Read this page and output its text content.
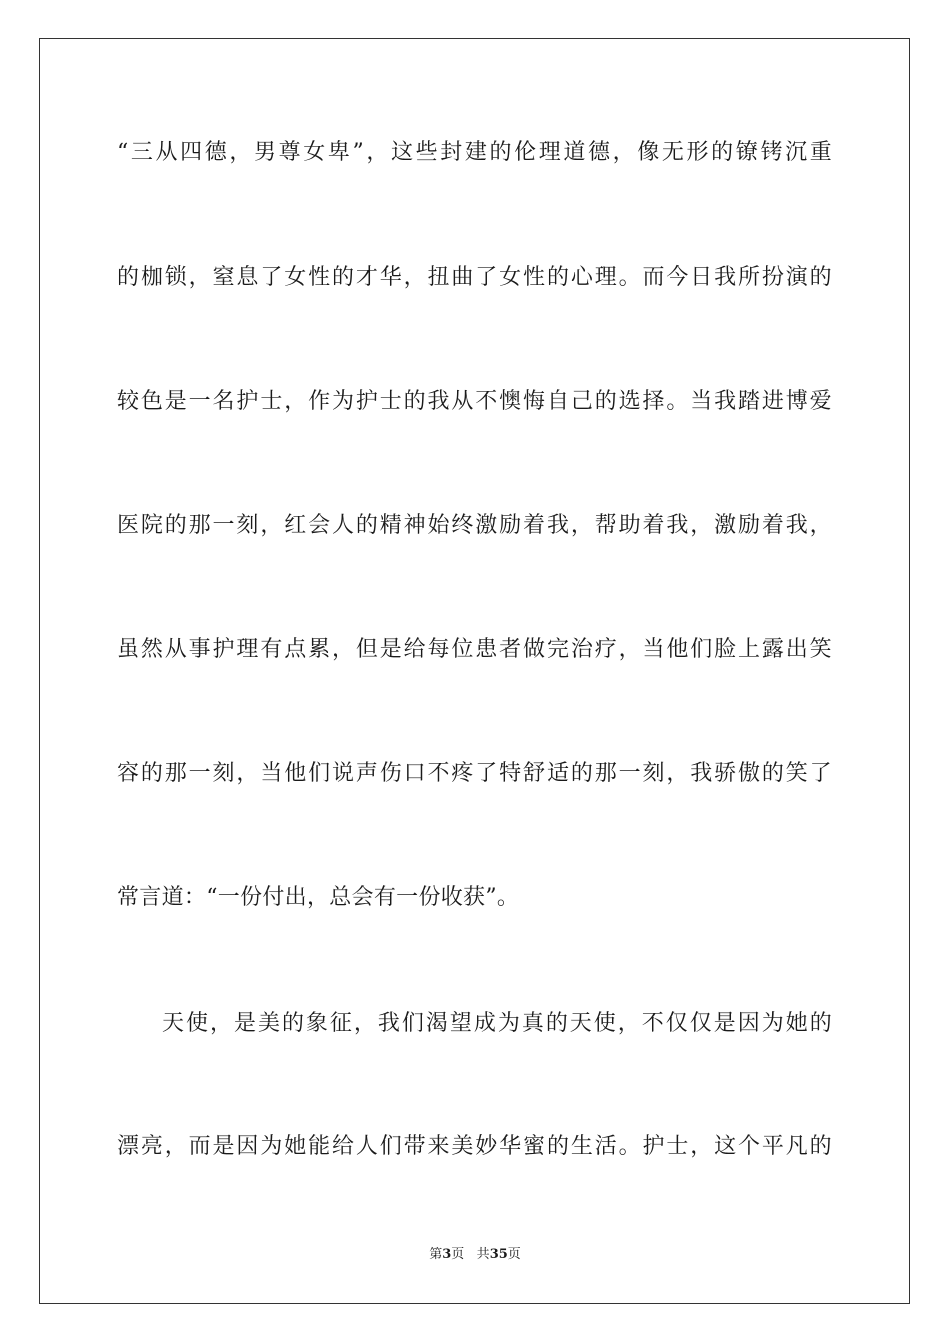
“三从四德，男尊女卑”，这些封建的伦理道德，像无形的镣铐沉重
的枷锁，窒息了女性的才华，扭曲了女性的心理。而今日我所扮演的
较色是一名护士，作为护士的我从不懊悔自己的选择。当我踏进博爱
医院的那一刻，红会人的精神始终激励着我，帮助着我，激励着我，
虽然从事护理有点累，但是给每位患者做完治疗，当他们脸上露出笑
容的那一刻，当他们说声伤口不疼了特舒适的那一刻，我骄傲的笑了
常言道：“一份付出，总会有一份收获”。
天使，是美的象征，我们渴望成为真的天使，不仅仅是因为她的
漂亮，而是因为她能给人们带来美妙华蜜的生活。护士，这个平凡的
第3页 共35页
